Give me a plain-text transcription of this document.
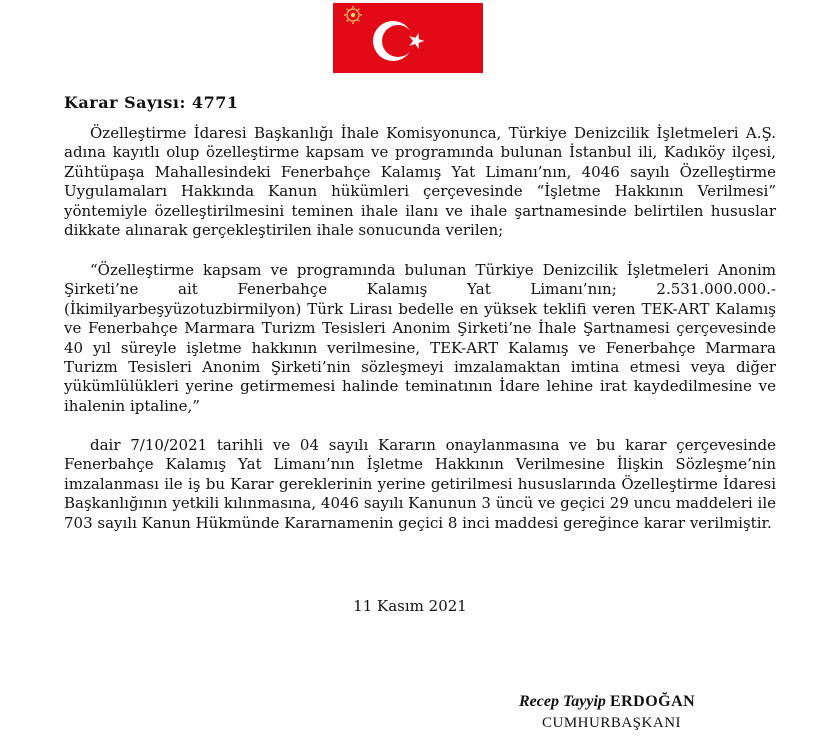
Karar Sayısı: 4771

Özelleştirme İdaresi Başkanlığı İhale Komisyonunca, Türkiye Denizcilik İşletmeleri A.Ş. adına kayıtlı olup özelleştirme kapsam ve programında bulunan İstanbul ili, Kadıköy ilçesi, Zühtüpaşa Mahallesindeki Fenerbahçe Kalamış Yat Limanı’nın, 4046 sayılı Özelleştirme Uygulamaları Hakkında Kanun hükümleri çerçevesinde “İşletme Hakkının Verilmesi” yöntemiyle özelleştirilmesini teminen ihale ilanı ve ihale şartnamesinde belirtilen hususlar dikkate alınarak gerçekleştirilen ihale sonucunda verilen;

“Özelleştirme kapsam ve programında bulunan Türkiye Denizcilik İşletmeleri Anonim Şirketi’ne ait Fenerbahçe Kalamış Yat Limanı’nın; 2.531.000.000.- (İkimilyarbeşyüzotuzbirmilyon) Türk Lirası bedelle en yüksek teklifi veren TEK-ART Kalamış ve Fenerbahçe Marmara Turizm Tesisleri Anonim Şirketi’ne İhale Şartnamesi çerçevesinde 40 yıl süreyle işletme hakkının verilmesine, TEK-ART Kalamış ve Fenerbahçe Marmara Turizm Tesisleri Anonim Şirketi’nin sözleşmeyi imzalamaktan imtina etmesi veya diğer yükümlülükleri yerine getirmemesi halinde teminatının İdare lehine irat kaydedilmesine ve ihalenin iptaline,”

dair 7/10/2021 tarihli ve 04 sayılı Kararın onaylanmasına ve bu karar çerçevesinde Fenerbahçe Kalamış Yat Limanı’nın İşletme Hakkının Verilmesine İlişkin Sözleşme’nin imzalanması ile iş bu Karar gereklerinin yerine getirilmesi hususlarında Özelleştirme İdaresi Başkanlığının yetkili kılınmasına, 4046 sayılı Kanunun 3 üncü ve geçici 29 uncu maddeleri ile 703 sayılı Kanun Hükmünde Kararnamenin geçici 8 inci maddesi gereğince karar verilmiştir.

11 Kasım 2021
Recep Tayyip ERDOĞAN
CUMHURBAŞKANI
